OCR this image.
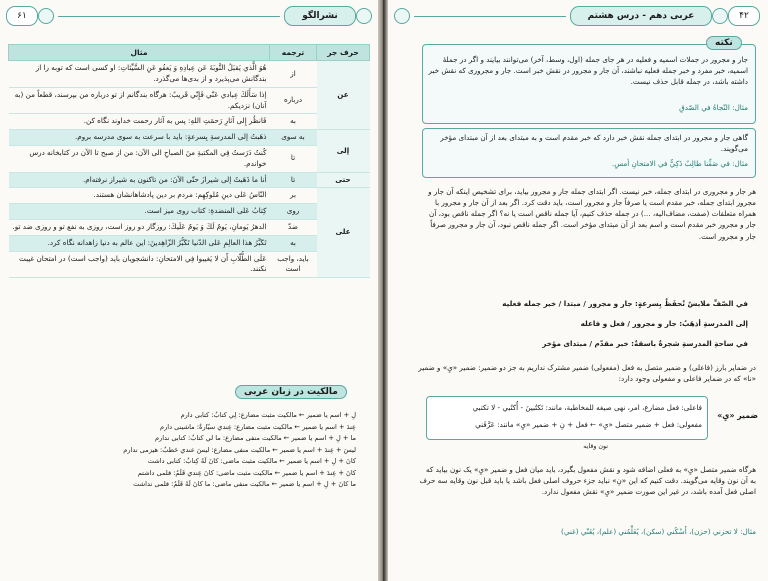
نشرالگو
۶۱
حرف جر	ترجمه	مثال
عن	از	هُوَ الَّذي يَقبَلُ التَّوبَةَ عَن عِبادِهِ وَ يَعفُو عَنِ السَّيِّئاتِ: او کسی است که توبه را از بندگانش می‌پذیرد و از بدی‌ها می‌گذرد.
	درباره	إذا سَأَلَكَ عِبادي عَنّي فَإِنّي قَريبٌ: هرگاه بندگانم از تو درباره من بپرسند، قطعاً من (به آنان) نزدیکم.
	به	فَانظُر إِلى آثارِ رَحمَتِ اللهِ: پس به آثار رحمت خداوند نگاه کن.
إلی	به سوی	ذهَبتُ إلى المدرسةِ بِسرعةٍ: باید با سرعت به سوی مدرسه بروم.
	تا	کُنتُ دَرَستُ فِي المكتبةِ منَ الصباحِ الى الآن: من از صبح تا الآن در کتابخانه درس خواندم.
حتی	تا	أنا ما ذَهَبتُ إلى شيرازَ حتّى الآنَ: من تاکنون به شیراز نرفته‌ام.
علی	بر	النّاسُ عَلى دينِ مُلوكِهِم: مردم بر دین پادشاهانشان هستند.
	روی	كِتابُ عَلى المنضدةِ: کتاب روی میز است.
	ضدّ	الدهرُ يَومانِ، يَومٌ لَكَ وَ يَومٌ عَلَيكَ: روزگار دو روز است، روزی به نفع تو و روزی ضد تو.
	به	تَكَبَّرُ هذا العالِمِ عَلى الدّنيا تَكَبُّرُ الزّاهِدينَ: این عالم به دنیا زاهدانه نگاه کرد.
	باید، واجب است	عَلَى الطُّلّابِ أَن لا يَغيبوا فِي الامتحانِ: دانشجویان باید (واجب است) در امتحان غیبت نکنند.
مالکیت در زبان عربی
لِ + اسم یا ضمیر ← مالکیت مثبت مضارع: لِي كتابٌ: کتابی دارم
عِندَ + اسم یا ضمیر ← مالکیت مثبت مضارع: عِندي سيّارةٌ: ماشینی دارم
ما + لِ + اسم یا ضمیر ← مالکیت منفی مضارع: ما لي كتابٌ: کتابی ندارم
لیسَ + عِندَ + اسم یا ضمیر ← مالکیت منفی مضارع: ليسَ عندي حَطبٌ: هیزمی ندارم
کانَ + لِ + اسم یا ضمیر ← مالکیت مثبت ماضی: كانَ لَهُ كِتابٌ: کتابی داشت
کانَ + عِندَ + اسم یا ضمیر ← مالکیت مثبت ماضی: كانَ عِندي قَلَمٌ: قلمی داشتم
ما کانَ + لِ + اسم یا ضمیر ← مالکیت منفی ماضی: ما كانَ لَهُ قَلَمٌ: قلمی نداشت
۴۲
عربی دهم - درس هشتم
نکته
جار و مجرور در جملات اسمیه و فعلیه در هر جای جمله (اول، وسط، آخر) می‌توانند بیایند و اگر در جملهٔ اسمیه، خبر مفرد و خبر جمله فعلیه نباشند، آن جار و مجرور در نقش خبر است. جار و مجروری که نقش خبر داشته باشد، در جمله قابل حذف نیست.
مثال: النّجاةُ في الصّدقِ
گاهی جار و مجرور در ابتدای جمله نقش خبر دارد که خبر مقدم است و به مبتدای بعد از آن مبتدای مؤخر می‌گویند.
مثال: في صَفِّنا طالِبٌ ذَكِيٌّ في الامتحانِ أمسِ.
هر جار و مجروری در ابتدای جمله، خبر نیست. اگر ابتدای جمله جار و مجرور بیاید، برای تشخیص اینکه آن جار و مجرور ابتدای جمله، خبر مقدم است یا صرفاً جار و مجرور است، باید دقت کرد. اگر بعد از آن جار و مجرور با همراه متعلقات (صفت، مضاف‌الیه، ...) در جمله حذف کنیم، آیا جمله ناقص است یا نه؟ اگر جمله ناقص بود، آن جار و مجرور خبر مقدم است و اسم بعد از آن مبتدای مؤخر است. اگر جمله ناقص نبود، آن جار و مجرور صرفاً جار و مجرور است.
في الصّفِّ ملابسٌ تُحفَظُ بِسرعةٍ: جار و مجرور / مبتدا / خبر جمله فعلیه
إلى المدرسةِ أذهَبُ: جار و مجرور / فعل و فاعله
في ساحةِ المدرسةِ شجرةٌ باسقةٌ: خبر مقدّم / مبتدای مؤخر
در ضمایر بارز (فاعلی) و ضمیر متصل به فعل (مفعولی) ضمیر مشترک نداریم به جز دو ضمیر: ضمیر «يِ» و ضمیر «نا» که در ضمایر فاعلی و مفعولی وجود دارد:
ضمیر «يِ»
فاعلی: فعل مضارع، امر، نهی صیغه للمخاطبة، مانند: تَكتُبينَ - أُكتُبي - لا تكتبي
مفعولی: فعل + ضمیر متصل «يِ» ← فعل + نِ + ضمیر «يِ» مانند: عَرَّفَني
نون وقایه
هرگاه ضمیر متصل «يِ» به فعلی اضافه شود و نقش مفعول بگیرد، باید میان فعل و ضمیر «يِ» یک نون بیاید که به آن نون وقایه می‌گویند. دقت کنیم که این «نِ» نباید جزء حروف اصلی فعل باشد یا باید قبل نون وقایه سه حرف اصلی فعل آمده باشد، در غیر این صورت ضمیر «يِ» نقش مفعول ندارد.
مثال: لا تحزني (حزن)، أَسْكُني (سکن)، يُعَلِّمُني (علم)، يُغَنّي (غني)
